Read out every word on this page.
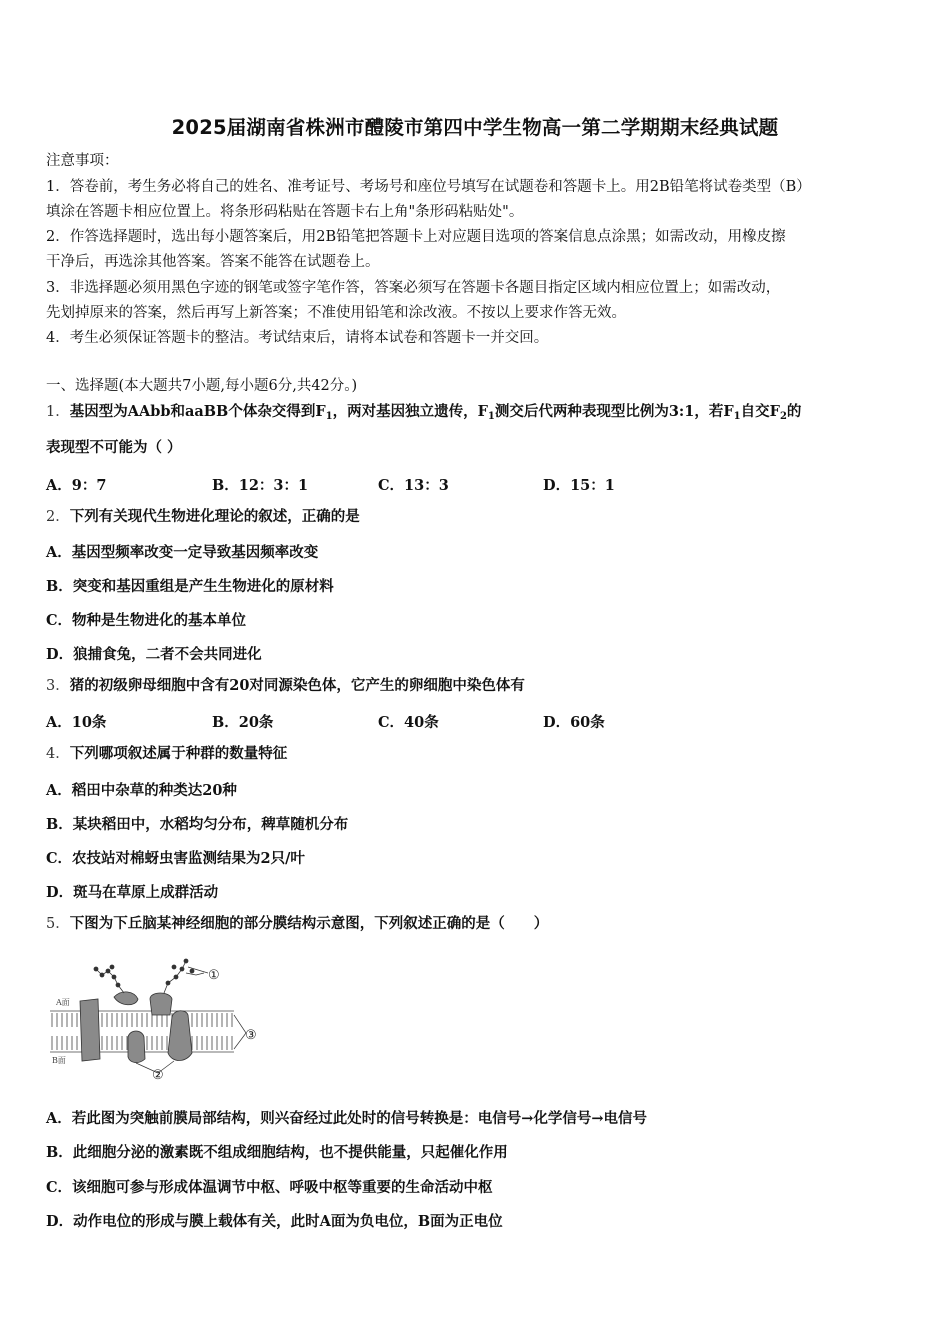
2025届湖南省株洲市醴陵市第四中学生物高一第二学期期末经典试题
注意事项：
1．答卷前，考生务必将自己的姓名、准考证号、考场号和座位号填写在试题卷和答题卡上。用2B铅笔将试卷类型（B）
填涂在答题卡相应位置上。将条形码粘贴在答题卡右上角"条形码粘贴处"。
2．作答选择题时，选出每小题答案后，用2B铅笔把答题卡上对应题目选项的答案信息点涂黑；如需改动，用橡皮擦
干净后，再选涂其他答案。答案不能答在试题卷上。
3．非选择题必须用黑色字迹的钢笔或签字笔作答，答案必须写在答题卡各题目指定区域内相应位置上；如需改动，
先划掉原来的答案，然后再写上新答案；不准使用铅笔和涂改液。不按以上要求作答无效。
4．考生必须保证答题卡的整洁。考试结束后，请将本试卷和答题卡一并交回。
一、选择题(本大题共7小题,每小题6分,共42分。)
1．基因型为AAbb和aaBB个体杂交得到$F_1$，两对基因独立遗传，$F_1$测交后代两种表现型比例为3:1，若$F_1$自交$F_2$的
表现型不可能为（ ）
A．9：7	B．12：3：1	C．13：3	D．15：1
2．下列有关现代生物进化理论的叙述，正确的是
A．基因型频率改变一定导致基因频率改变
B．突变和基因重组是产生生物进化的原材料
C．物种是生物进化的基本单位
D．狼捕食兔，二者不会共同进化
3．猪的初级卵母细胞中含有20对同源染色体，它产生的卵细胞中染色体有
A．10条	B．20条	C．40条	D．60条
4．下列哪项叙述属于种群的数量特征
A．稻田中杂草的种类达20种
B．某块稻田中，水稻均匀分布，稗草随机分布
C．农技站对棉蚜虫害监测结果为2只/叶
D．斑马在草原上成群活动
5．下图为下丘脑某神经细胞的部分膜结构示意图，下列叙述正确的是（　　）
①
②
③
A面
B面
A．若此图为突触前膜局部结构，则兴奋经过此处时的信号转换是：电信号→化学信号→电信号
B．此细胞分泌的激素既不组成细胞结构，也不提供能量，只起催化作用
C．该细胞可参与形成体温调节中枢、呼吸中枢等重要的生命活动中枢
D．动作电位的形成与膜上载体有关，此时A面为负电位，B面为正电位
